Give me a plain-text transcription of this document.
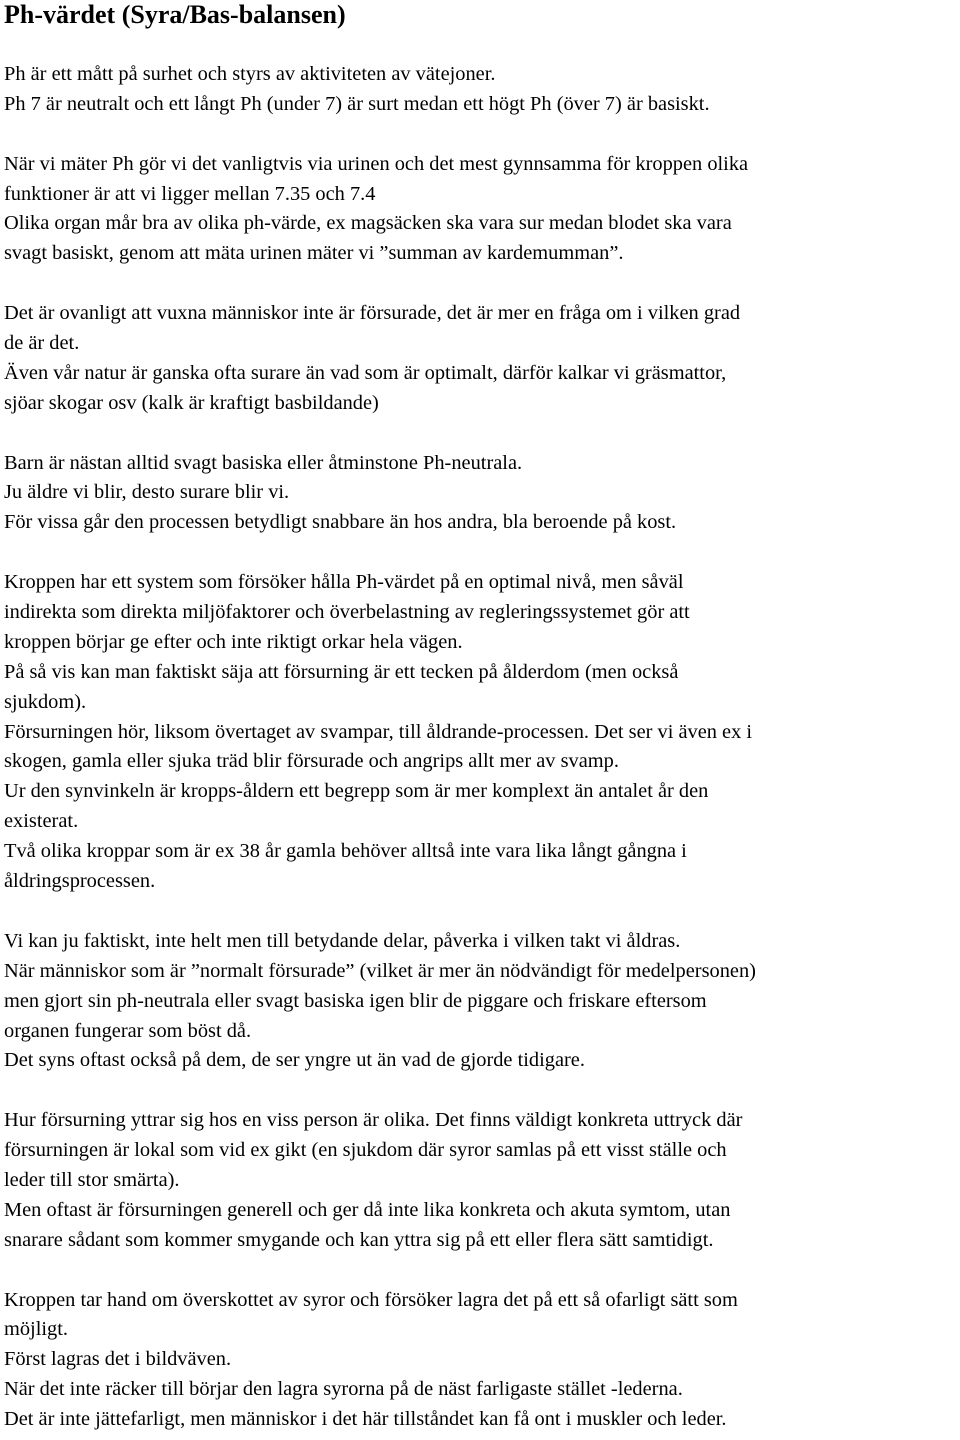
Ph-värdet (Syra/Bas-balansen)
Ph är ett mått på surhet och styrs av aktiviteten av vätejoner.
Ph 7 är neutralt och ett långt Ph (under 7) är surt medan ett högt Ph (över 7) är basiskt.
När vi mäter Ph gör vi det vanligtvis via urinen och det mest gynnsamma för kroppen olika
funktioner är att vi ligger mellan 7.35 och 7.4
Olika organ mår bra av olika ph-värde, ex magsäcken ska vara sur medan blodet ska vara
svagt basiskt, genom att mäta urinen mäter vi ”summan av kardemumman”.
Det är ovanligt att vuxna människor inte är försurade, det är mer en fråga om i vilken grad
de är det.
Även vår natur är ganska ofta surare än vad som är optimalt, därför kalkar vi gräsmattor,
sjöar skogar osv (kalk är kraftigt basbildande)
Barn är nästan alltid svagt basiska eller åtminstone Ph-neutrala.
Ju äldre vi blir, desto surare blir vi.
För vissa går den processen betydligt snabbare än hos andra, bla beroende på kost.
Kroppen har ett system som försöker hålla Ph-värdet på en optimal nivå, men såväl
indirekta som direkta miljöfaktorer och överbelastning av regleringssystemet gör att
kroppen börjar ge efter och inte riktigt orkar hela vägen.
På så vis kan man faktiskt säja att försurning är ett tecken på ålderdom (men också
sjukdom).
Försurningen hör, liksom övertaget av svampar, till åldrande-processen. Det ser vi även ex i
skogen, gamla eller sjuka träd blir försurade och angrips allt mer av svamp.
Ur den synvinkeln är kropps-åldern ett begrepp som är mer komplext än antalet år den
existerat.
Två olika kroppar som är ex 38 år gamla behöver alltså inte vara lika långt gångna i
åldringsprocessen.
Vi kan ju faktiskt, inte helt men till betydande delar, påverka i vilken takt vi åldras.
När människor som är ”normalt försurade” (vilket är mer än nödvändigt för medelpersonen)
men gjort sin ph-neutrala eller svagt basiska igen blir de piggare och friskare eftersom
organen fungerar som böst då.
Det syns oftast också på dem, de ser yngre ut än vad de gjorde tidigare.
Hur försurning yttrar sig hos en viss person är olika. Det finns väldigt konkreta uttryck där
försurningen är lokal som vid ex gikt (en sjukdom där syror samlas på ett visst ställe och
leder till stor smärta).
Men oftast är försurningen generell och ger då inte lika konkreta och akuta symtom, utan
snarare sådant som kommer smygande och kan yttra sig på ett eller flera sätt samtidigt.
Kroppen tar hand om överskottet av syror och försöker lagra det på ett så ofarligt sätt som
möjligt.
Först lagras det i bildväven.
När det inte räcker till börjar den lagra syrorna på de näst farligaste stället -lederna.
Det är inte jättefarligt, men människor i det här tillståndet kan få ont i muskler och leder.
